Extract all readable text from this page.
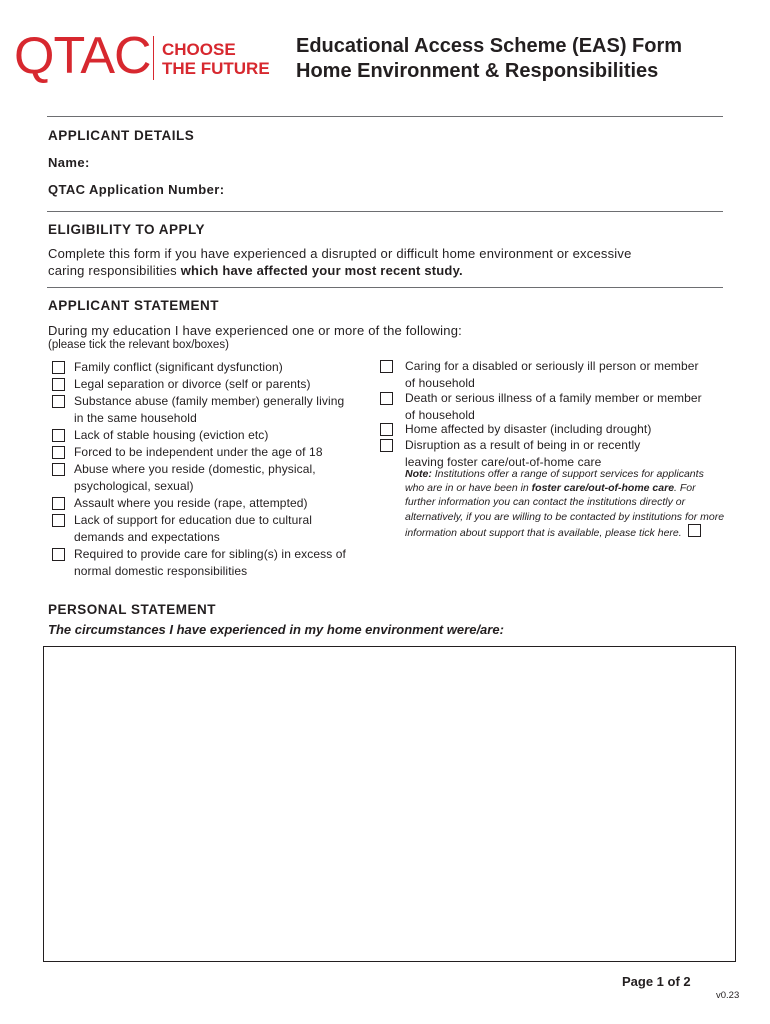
QTAC CHOOSE
THE FUTURE
Educational Access Scheme (EAS) Form
Home Environment & Responsibilities
APPLICANT DETAILS
Name:
QTAC Application Number:
ELIGIBILITY TO APPLY
Complete this form if you have experienced a disrupted or difficult home environment or excessive
caring responsibilities which have affected your most recent study.
APPLICANT STATEMENT
During my education I have experienced one or more of the following:
(please tick the relevant box/boxes)
Family conflict (significant dysfunction)
Legal separation or divorce (self or parents)
Substance abuse (family member) generally living
in the same household
Lack of stable housing (eviction etc)
Forced to be independent under the age of 18
Abuse where you reside (domestic, physical,
psychological, sexual)
Assault where you reside (rape, attempted)
Lack of support for education due to cultural
demands and expectations
Required to provide care for sibling(s) in excess of
normal domestic responsibilities
Caring for a disabled or seriously ill person or member
of household
Death or serious illness of a family member or member
of household
Home affected by disaster (including drought)
Disruption as a result of being in or recently
leaving foster care/out-of-home care
Note: Institutions offer a range of support services for applicants who are in or have been in foster care/out-of-home care. For further information you can contact the institutions directly or alternatively, if you are willing to be contacted by institutions for more information about support that is available, please tick here.
PERSONAL STATEMENT
The circumstances I have experienced in my home environment were/are:
Page 1 of 2
v0.23
